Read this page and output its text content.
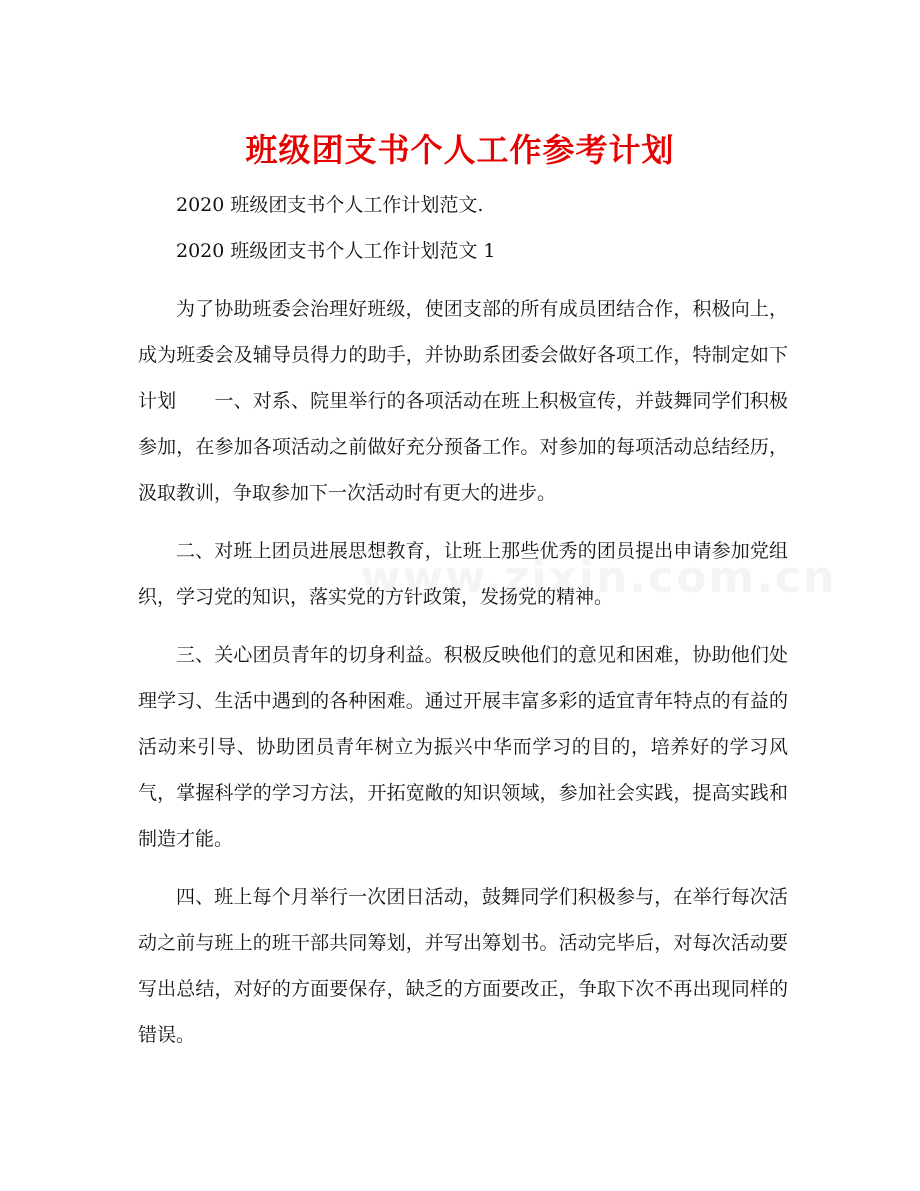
班级团支书个人工作参考计划

2020 班级团支书个人工作计划范文.

2020 班级团支书个人工作计划范文 1

为了协助班委会治理好班级，使团支部的所有成员团结合作，积极向上，成为班委会及辅导员得力的助手，并协助系团委会做好各项工作，特制定如下计划　　一、对系、院里举行的各项活动在班上积极宣传，并鼓舞同学们积极参加，在参加各项活动之前做好充分预备工作。对参加的每项活动总结经历，汲取教训，争取参加下一次活动时有更大的进步。

二、对班上团员进展思想教育，让班上那些优秀的团员提出申请参加党组织，学习党的知识，落实党的方针政策，发扬党的精神。

三、关心团员青年的切身利益。积极反映他们的意见和困难，协助他们处理学习、生活中遇到的各种困难。通过开展丰富多彩的适宜青年特点的有益的活动来引导、协助团员青年树立为振兴中华而学习的目的，培养好的学习风气，掌握科学的学习方法，开拓宽敞的知识领域，参加社会实践，提高实践和制造才能。

四、班上每个月举行一次团日活动，鼓舞同学们积极参与，在举行每次活动之前与班上的班干部共同筹划，并写出筹划书。活动完毕后，对每次活动要写出总结，对好的方面要保存，缺乏的方面要改正，争取下次不再出现同样的错误。
